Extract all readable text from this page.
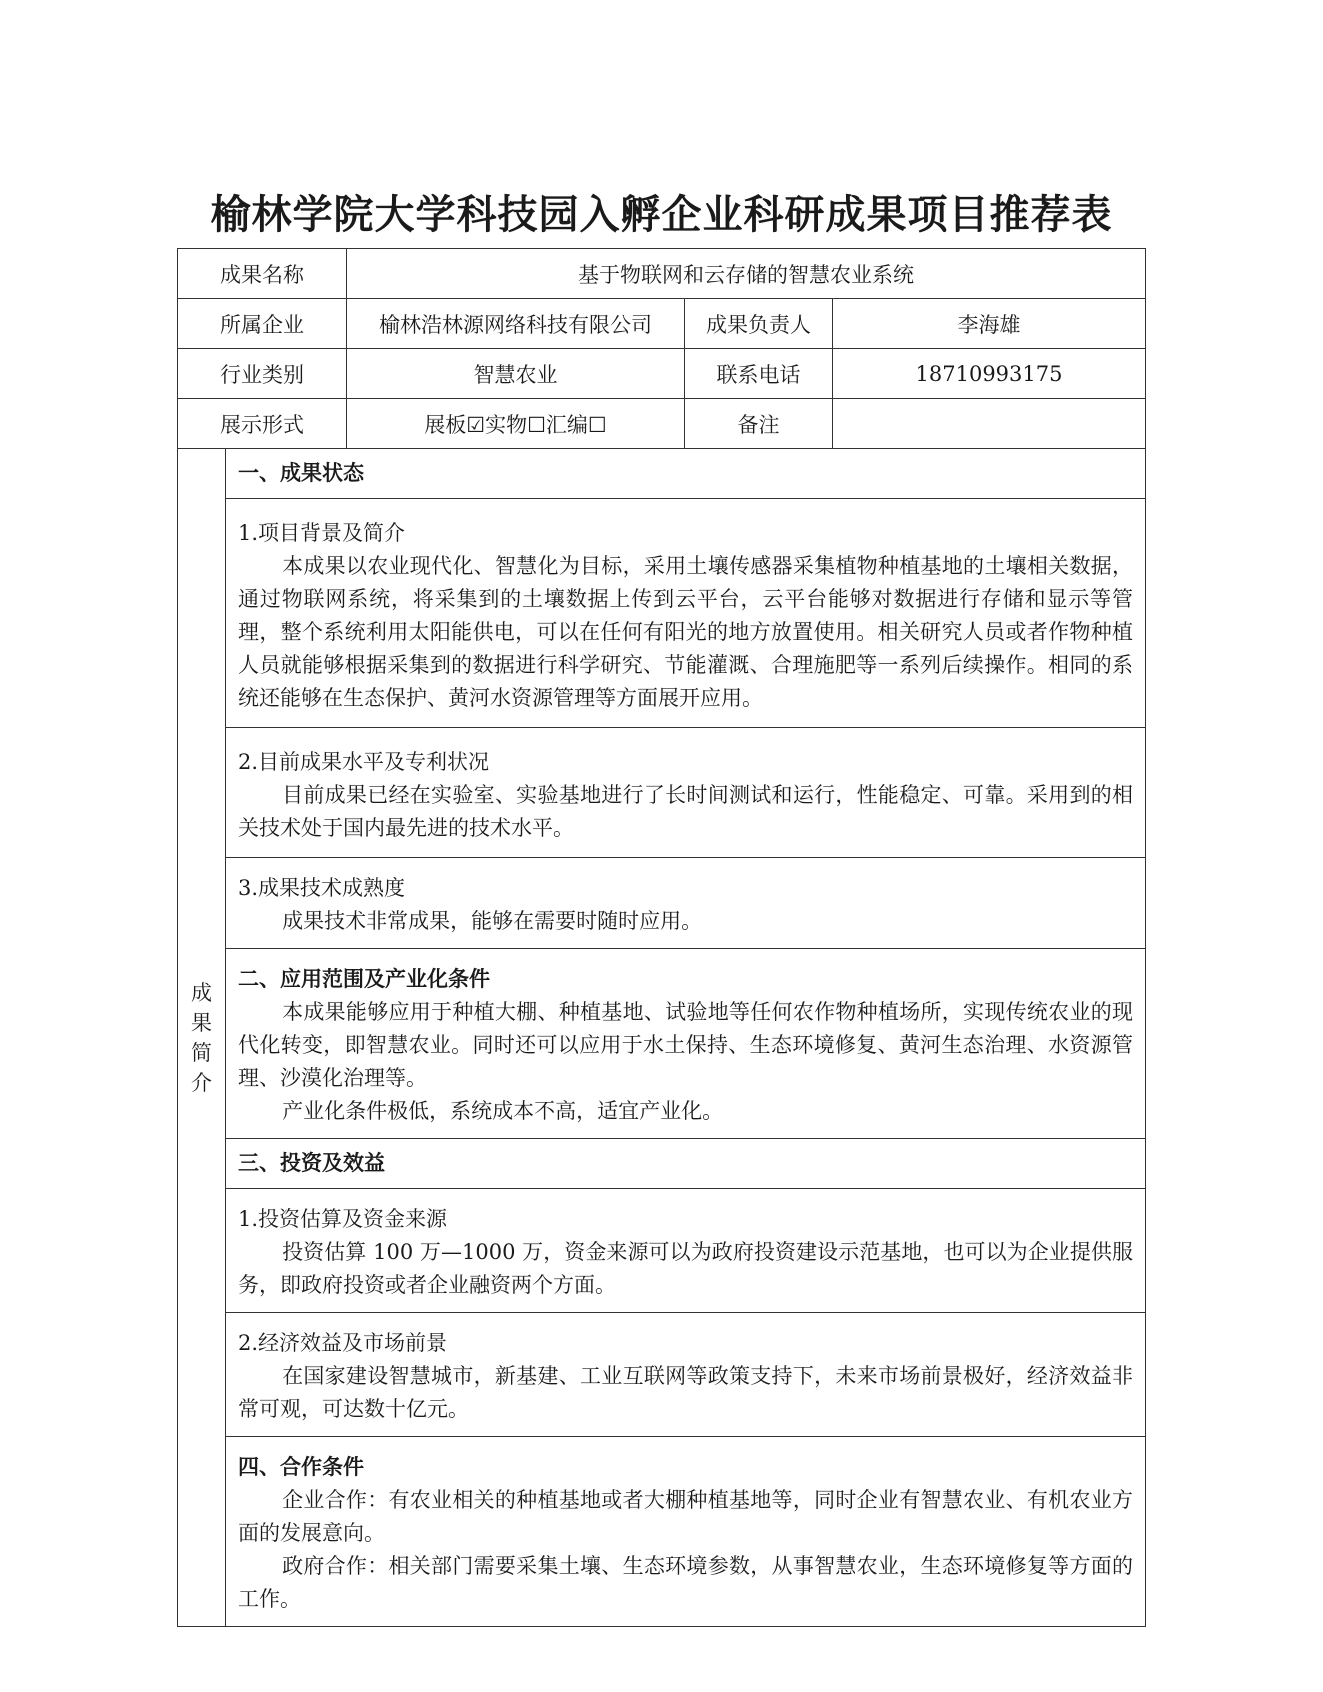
榆林学院大学科技园入孵企业科研成果项目推荐表
成果名称		基于物联网和云存储的智慧农业系统		
所属企业		榆林浩林源网络科技有限公司	成果负责人	李海雄
行业类别		智慧农业	联系电话	18710993175
展示形式		展板☑实物☐汇编☐	备注	
成果简介	一、成果状态			

	1.项目背景及简介
本成果以农业现代化、智慧化为目标，采用土壤传感器采集植物种植基地的土壤相关数据，通过物联网系统，将采集到的土壤数据上传到云平台，云平台能够对数据进行存储和显示等管理，整个系统利用太阳能供电，可以在任何有阳光的地方放置使用。相关研究人员或者作物种植人员就能够根据采集到的数据进行科学研究、节能灌溉、合理施肥等一系列后续操作。相同的系统还能够在生态保护、黄河水资源管理等方面展开应用。			

	2.目前成果水平及专利状况
目前成果已经在实验室、实验基地进行了长时间测试和运行，性能稳定、可靠。采用到的相关技术处于国内最先进的技术水平。			

	3.成果技术成熟度
成果技术非常成果，能够在需要时随时应用。			

	二、应用范围及产业化条件
本成果能够应用于种植大棚、种植基地、试验地等任何农作物种植场所，实现传统农业的现代化转变，即智慧农业。同时还可以应用于水土保持、生态环境修复、黄河生态治理、水资源管理、沙漠化治理等。
产业化条件极低，系统成本不高，适宜产业化。			

	三、投资及效益			

	1.投资估算及资金来源
投资估算 100 万—1000 万，资金来源可以为政府投资建设示范基地，也可以为企业提供服务，即政府投资或者企业融资两个方面。			

	2.经济效益及市场前景
在国家建设智慧城市，新基建、工业互联网等政策支持下，未来市场前景极好，经济效益非常可观，可达数十亿元。			

	四、合作条件
企业合作：有农业相关的种植基地或者大棚种植基地等，同时企业有智慧农业、有机农业方面的发展意向。
政府合作：相关部门需要采集土壤、生态环境参数，从事智慧农业，生态环境修复等方面的工作。			
